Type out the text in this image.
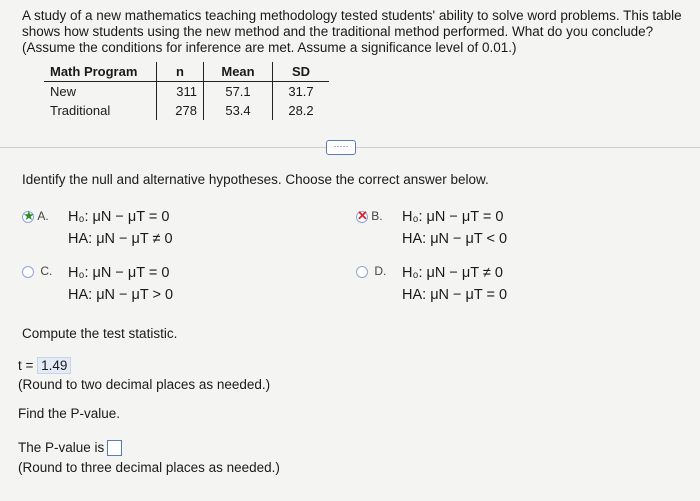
A study of a new mathematics teaching methodology tested students' ability to solve word problems. This table shows how students using the new method and the traditional method performed. What do you conclude? (Assume the conditions for inference are met. Assume a significance level of 0.01.)
Math Program	n	Mean	SD
New	311	57.1	31.7
Traditional	278	53.4	28.2
·····
Identify the null and alternative hypotheses. Choose the correct answer below.
★ A.	H₀: μN − μT = 0
HA: μN − μT ≠ 0
✕ B.	H₀: μN − μT = 0
HA: μN − μT < 0
C.	H₀: μN − μT = 0
HA: μN − μT > 0
D.	H₀: μN − μT ≠ 0
HA: μN − μT = 0
Compute the test statistic.
t = 1.49
(Round to two decimal places as needed.)
Find the P-value.
The P-value is
(Round to three decimal places as needed.)
